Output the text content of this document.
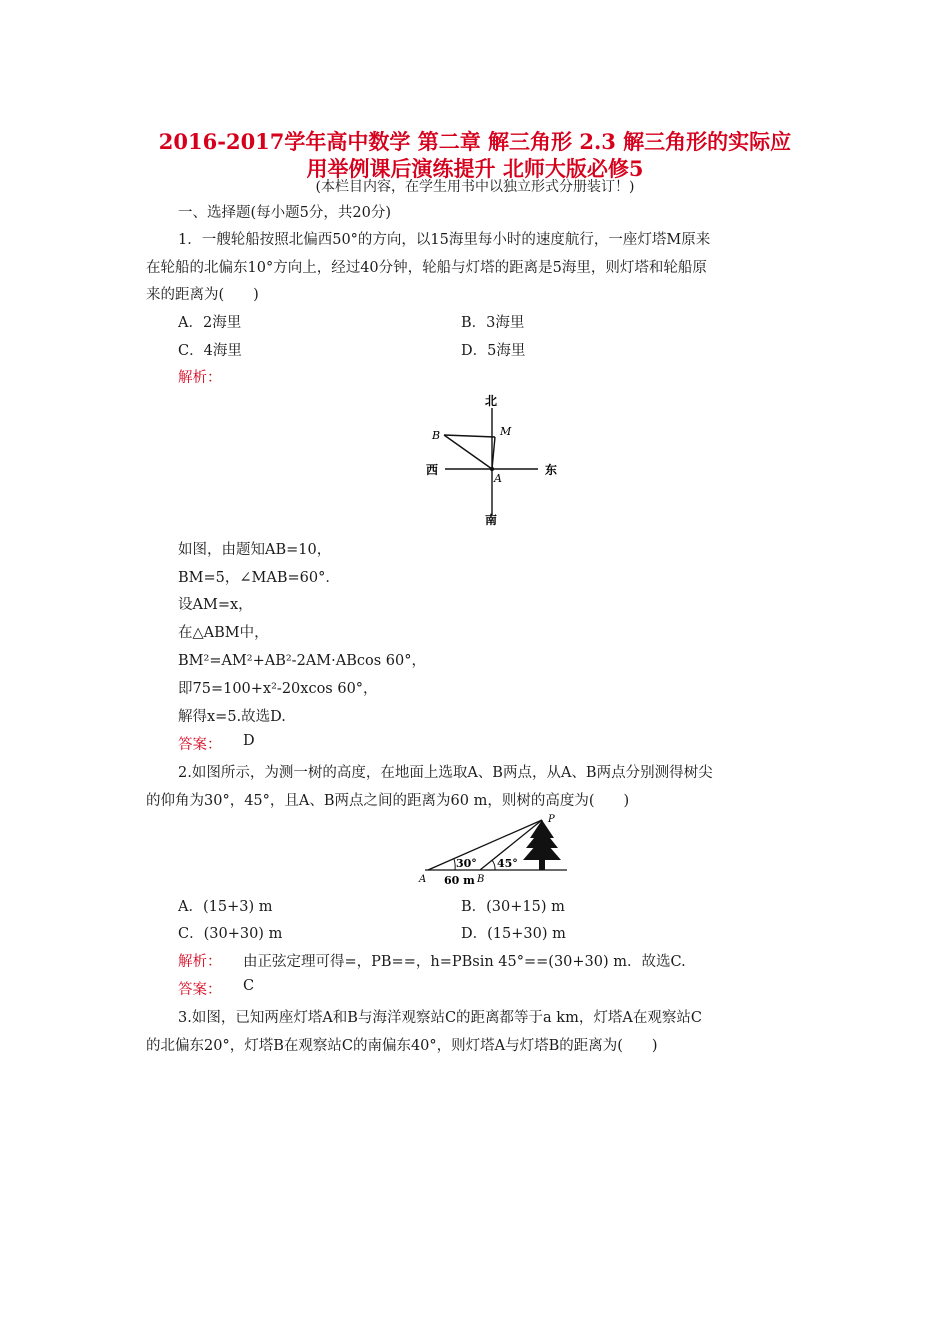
2016-2017学年高中数学 第二章 解三角形 2.3 解三角形的实际应
用举例课后演练提升 北师大版必修5
(本栏目内容，在学生用书中以独立形式分册装订！)
一、选择题(每小题5分，共20分)
1．一艘轮船按照北偏西50°的方向，以15海里每小时的速度航行，一座灯塔M原来
在轮船的北偏东10°方向上，经过40分钟，轮船与灯塔的距离是5海里，则灯塔和轮船原
来的距离为(　　)
A．2海里	B．3海里
C．4海里	D．5海里
解析：
北
南
西	东
A
B	M
如图，由题知AB=10，
BM=5，∠MAB=60°．
设AM=x，
在△ABM中，
BM²=AM²+AB²-2AM·ABcos 60°，
即75=100+x²-20xcos 60°，
解得x=5.故选D.
答案： D
2.如图所示，为测一树的高度，在地面上选取A、B两点，从A、B两点分别测得树尖
的仰角为30°，45°，且A、B两点之间的距离为60 m，则树的高度为(　　)
30° 45°
60 m
A	B
P
A．(15+3) m	B．(30+15) m
C．(30+30) m	D．(15+30) m
解析： 由正弦定理可得=，PB==，h=PBsin 45°==(30+30) m．故选C.
答案： C
3.如图，已知两座灯塔A和B与海洋观察站C的距离都等于a km，灯塔A在观察站C
的北偏东20°，灯塔B在观察站C的南偏东40°，则灯塔A与灯塔B的距离为(　　)
